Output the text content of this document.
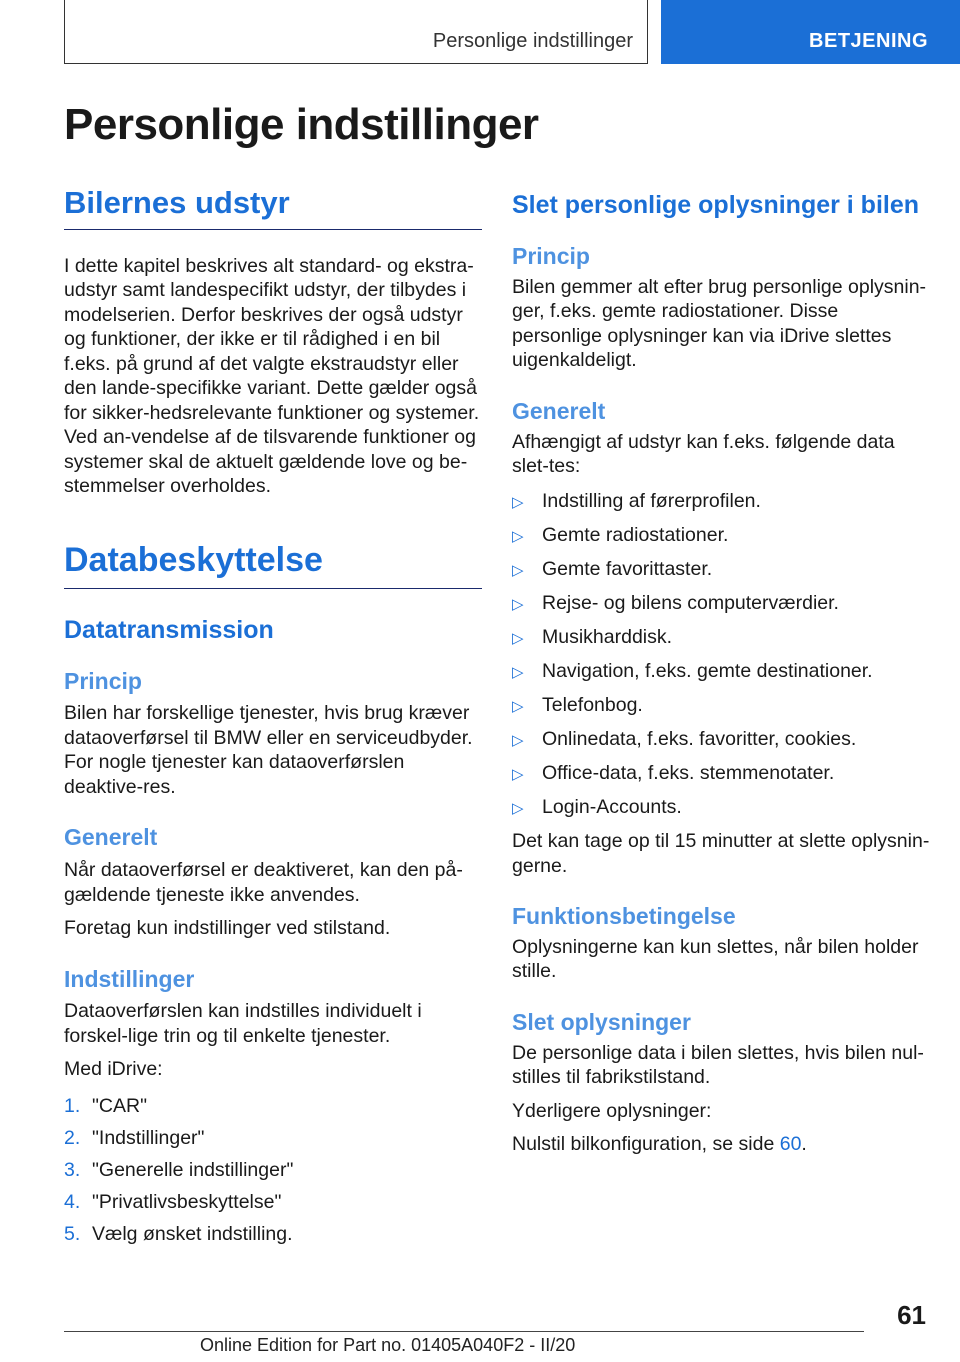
Personlige indstillinger	BETJENING
Personlige indstillinger
Bilernes udstyr

I dette kapitel beskrives alt standard- og ekstra-udstyr samt landespecifikt udstyr, der tilbydes i modelserien. Derfor beskrives der også udstyr og funktioner, der ikke er til rådighed i en bil f.eks. på grund af det valgte ekstraudstyr eller den lande-specifikke variant. Dette gælder også for sikker-hedsrelevante funktioner og systemer. Ved an-vendelse af de tilsvarende funktioner og systemer skal de aktuelt gældende love og be-stemmelser overholdes.

Databeskyttelse
Datatransmission
Princip

Bilen har forskellige tjenester, hvis brug kræver dataoverførsel til BMW eller en serviceudbyder. For nogle tjenester kan dataoverførslen deaktive-res.

Generelt

Når dataoverførsel er deaktiveret, kan den på-gældende tjeneste ikke anvendes.

Foretag kun indstillinger ved stilstand.

Indstillinger

Dataoverførslen kan indstilles individuelt i forskel-lige trin og til enkelte tjenester.

Med iDrive:

1. "CAR"
2. "Indstillinger"
3. "Generelle indstillinger"
4. "Privatlivsbeskyttelse"
5. Vælg ønsket indstilling.
Slet personlige oplysninger i bilen
Princip

Bilen gemmer alt efter brug personlige oplysnin-ger, f.eks. gemte radiostationer. Disse personlige oplysninger kan via iDrive slettes uigenkaldeligt.

Generelt

Afhængigt af udstyr kan f.eks. følgende data slet-tes:

▷ Indstilling af førerprofilen.
▷ Gemte radiostationer.
▷ Gemte favorittaster.
▷ Rejse- og bilens computerværdier.
▷ Musikharddisk.
▷ Navigation, f.eks. gemte destinationer.
▷ Telefonbog.
▷ Onlinedata, f.eks. favoritter, cookies.
▷ Office-data, f.eks. stemmenotater.
▷ Login-Accounts.

Det kan tage op til 15 minutter at slette oplysnin-gerne.

Funktionsbetingelse

Oplysningerne kan kun slettes, når bilen holder stille.

Slet oplysninger

De personlige data i bilen slettes, hvis bilen nul-stilles til fabrikstilstand.

Yderligere oplysninger:

Nulstil bilkonfiguration, se side 60.

61
Online Edition for Part no. 01405A040F2 - II/20
